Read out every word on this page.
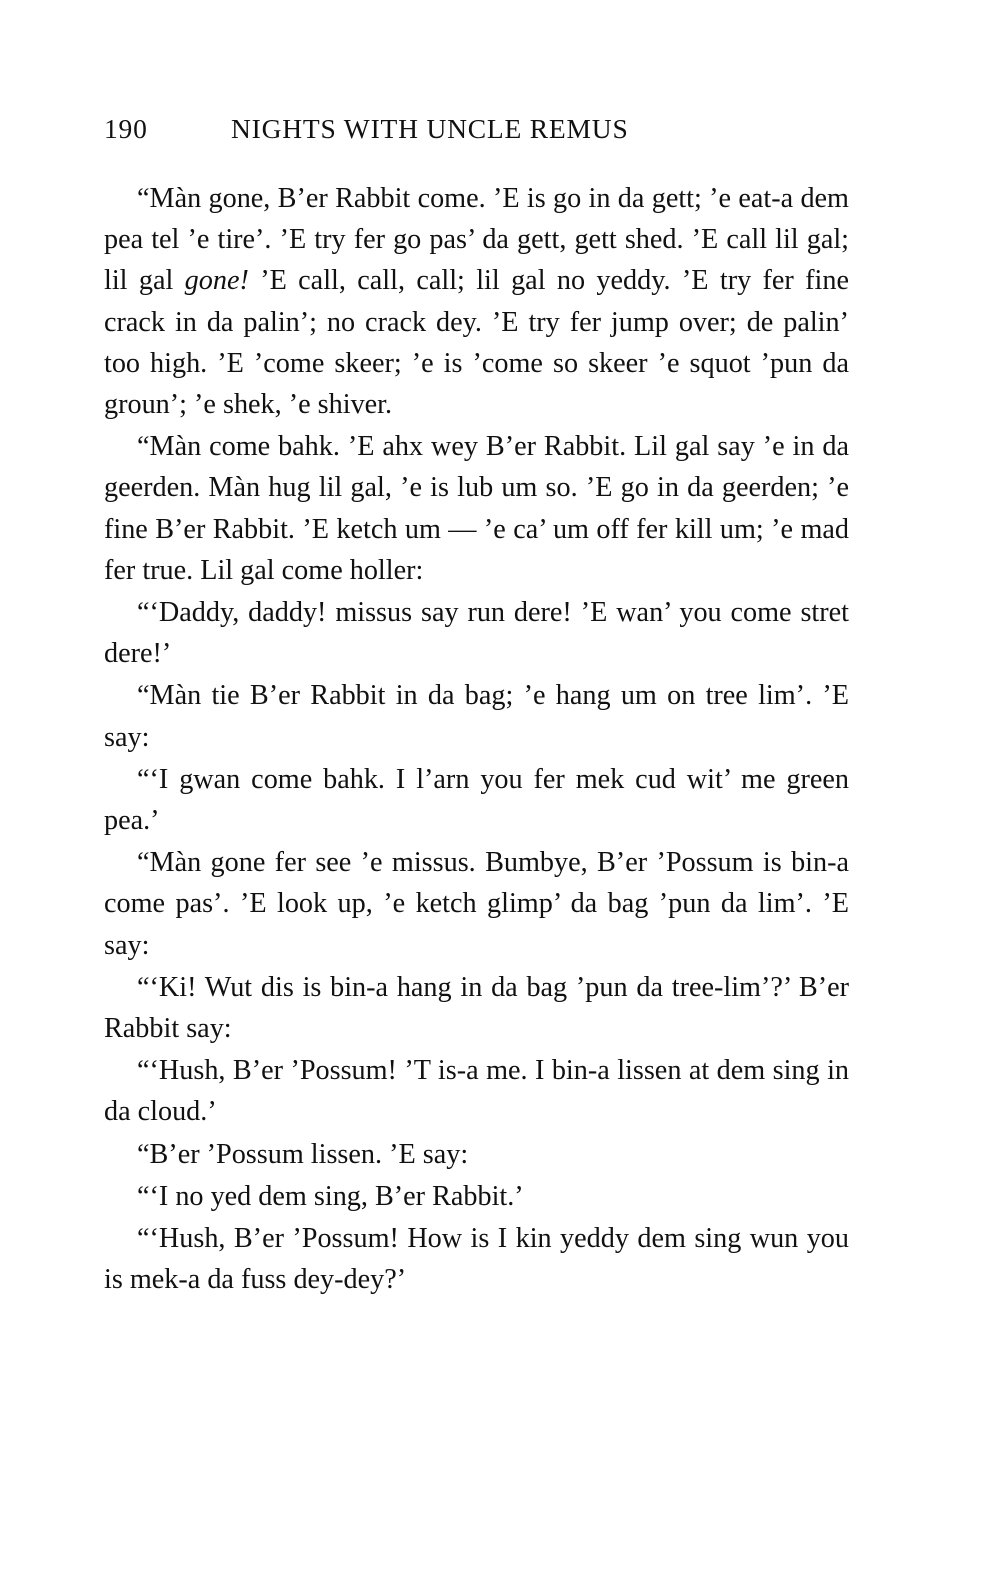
190	NIGHTS WITH UNCLE REMUS

“Màn gone, B’er Rabbit come. ’E is go in da gett; ’e eat-a dem pea tel ’e tire’. ’E try fer go pas’ da gett, gett shed. ’E call lil gal; lil gal gone! ’E call, call, call; lil gal no yeddy. ’E try fer fine crack in da palin’; no crack dey. ’E try fer jump over; de palin’ too high. ’E ’come skeer; ’e is ’come so skeer ’e squot ’pun da groun’; ’e shek, ’e shiver.

“Màn come bahk. ’E ahx wey B’er Rabbit. Lil gal say ’e in da geerden. Màn hug lil gal, ’e is lub um so. ’E go in da geerden; ’e fine B’er Rabbit. ’E ketch um — ’e ca’ um off fer kill um; ’e mad fer true. Lil gal come holler:

“‘Daddy, daddy! missus say run dere! ’E wan’ you come stret dere!’

“Màn tie B’er Rabbit in da bag; ’e hang um on tree lim’. ’E say:

“‘I gwan come bahk. I l’arn you fer mek cud wit’ me green pea.’

“Màn gone fer see ’e missus. Bumbye, B’er ’Possum is bin-a come pas’. ’E look up, ’e ketch glimp’ da bag ’pun da lim’. ’E say:

“‘Ki! Wut dis is bin-a hang in da bag ’pun da tree-lim’?’ B’er Rabbit say:

“‘Hush, B’er ’Possum! ’T is-a me. I bin-a lissen at dem sing in da cloud.’

“B’er ’Possum lissen. ’E say:

“‘I no yed dem sing, B’er Rabbit.’

“‘Hush, B’er ’Possum! How is I kin yeddy dem sing wun you is mek-a da fuss dey-dey?’
